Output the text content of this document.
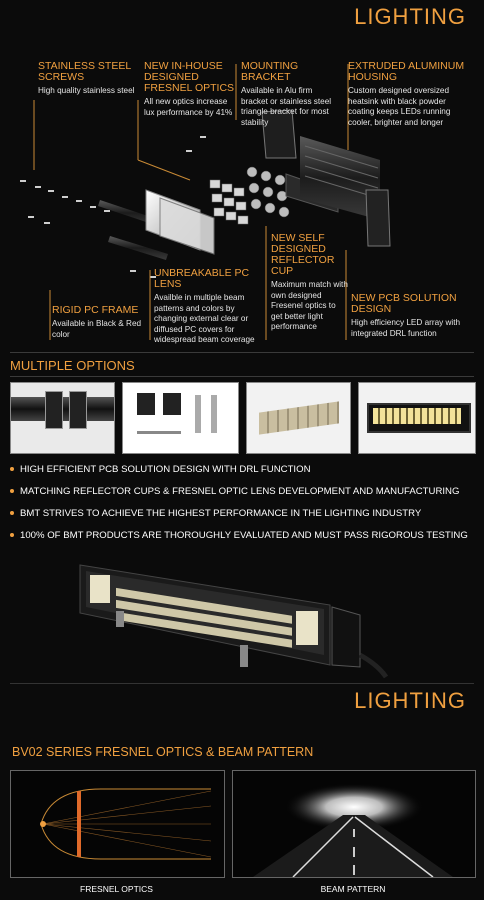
LIGHTING
STAINLESS STEEL SCREWS
High quality stainless steel
NEW IN-HOUSE DESIGNED FRESNEL OPTICS
All new optics increase lux performance by 41%
MOUNTING BRACKET
Available in Alu firm bracket or stainless steel triangle bracket for most stability
EXTRUDED ALUMINUM HOUSING
Custom designed oversized heatsink with black powder coating keeps LEDs running cooler, brighter and longer
NEW SELF DESIGNED REFLECTOR CUP
Maximum match with own designed Fresenel optics to get better light performance
UNBREAKABLE PC LENS
Availble in multiple beam patterns and colors by changing external clear or diffused PC covers for widespread beam coverage
RIGID PC FRAME
Available in Black & Red color
NEW PCB SOLUTION DESIGN
High efficiency LED array with integrated DRL function
MULTIPLE OPTIONS
HIGH EFFICIENT PCB SOLUTION DESIGN WITH DRL FUNCTION
MATCHING REFLECTOR CUPS & FRESNEL OPTIC LENS DEVELOPMENT AND MANUFACTURING
BMT STRIVES TO ACHIEVE THE HIGHEST PERFORMANCE IN THE LIGHTING INDUSTRY
100% OF BMT PRODUCTS ARE THOROUGHLY EVALUATED AND MUST PASS RIGOROUS TESTING
LIGHTING
BV02 SERIES FRESNEL OPTICS & BEAM PATTERN
FRESNEL OPTICS	BEAM PATTERN
